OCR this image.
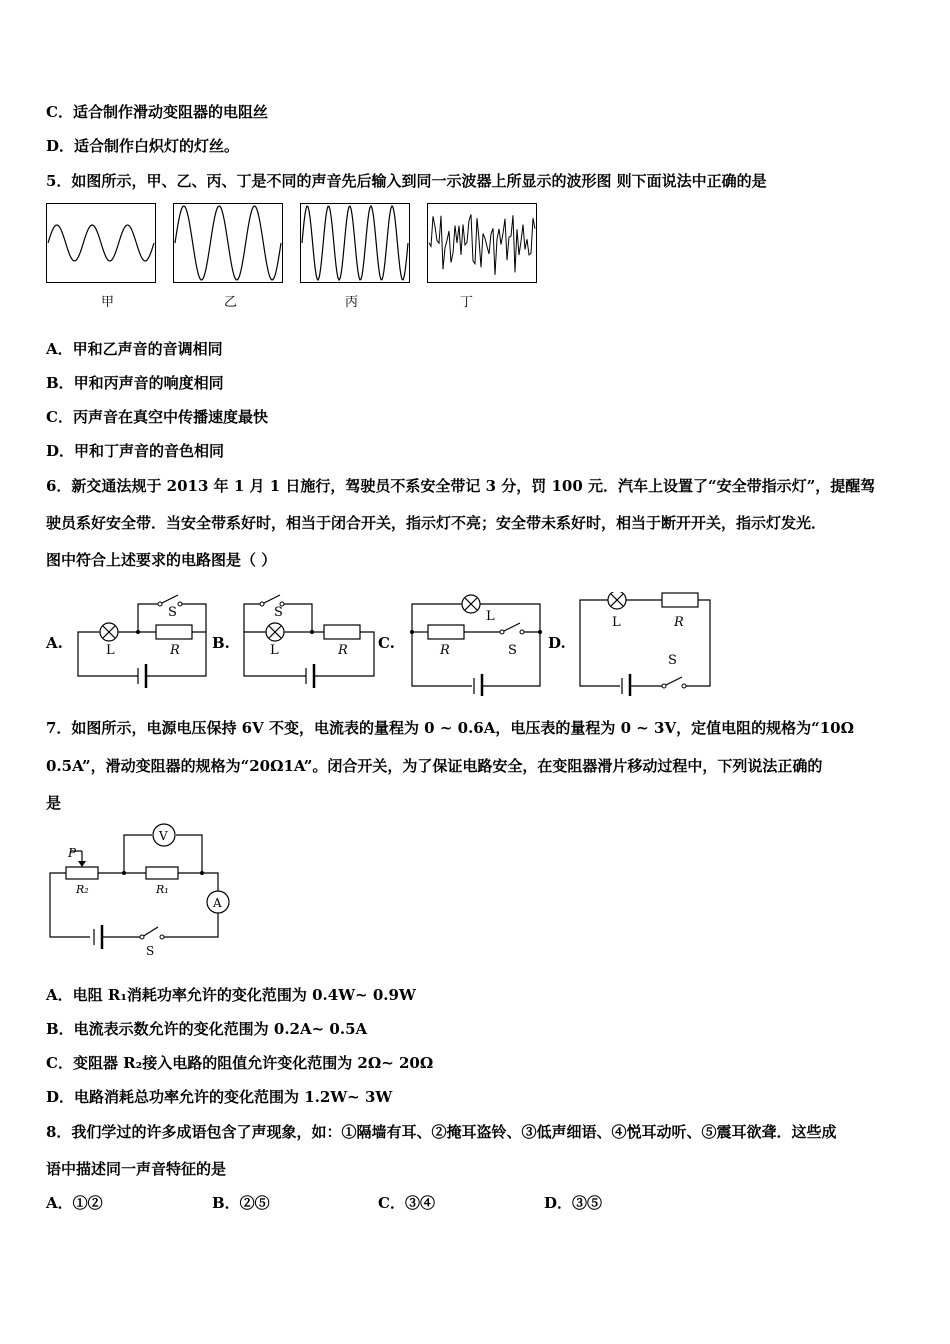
C．适合制作滑动变阻器的电阻丝
D．适合制作白炽灯的灯丝。
5．如图所示，甲、乙、丙、丁是不同的声音先后输入到同一示波器上所显示的波形图 则下面说法中正确的是
甲	乙	丙	丁
A．甲和乙声音的音调相同
B．甲和丙声音的响度相同
C．丙声音在真空中传播速度最快
D．甲和丁声音的音色相同
6．新交通法规于 2013 年 1 月 1 日施行，驾驶员不系安全带记 3 分，罚 100 元．汽车上设置了“安全带指示灯”，提醒驾
驶员系好安全带．当安全带系好时，相当于闭合开关，指示灯不亮；安全带未系好时，相当于断开开关，指示灯发光．
图中符合上述要求的电路图是（ ）
A.
S
L	R B.
S
L	R C.
L
R	S D.
L	R
S
7．如图所示，电源电压保持 6V 不变，电流表的量程为 0 ~ 0.6A，电压表的量程为 0 ~ 3V，定值电阻的规格为“10Ω
0.5A”，滑动变阻器的规格为“20Ω1A”。闭合开关，为了保证电路安全，在变阻器滑片移动过程中，下列说法正确的
是
V
A
P
R₂	R₁
S
A．电阻 R₁消耗功率允许的变化范围为 0.4W~ 0.9W
B．电流表示数允许的变化范围为 0.2A~ 0.5A
C．变阻器 R₂接入电路的阻值允许变化范围为 2Ω~ 20Ω
D．电路消耗总功率允许的变化范围为 1.2W~ 3W
8．我们学过的许多成语包含了声现象，如：①隔墙有耳、②掩耳盗铃、③低声细语、④悦耳动听、⑤震耳欲聋．这些成
语中描述同一声音特征的是
A．①②	B．②⑤	C．③④	D．③⑤
